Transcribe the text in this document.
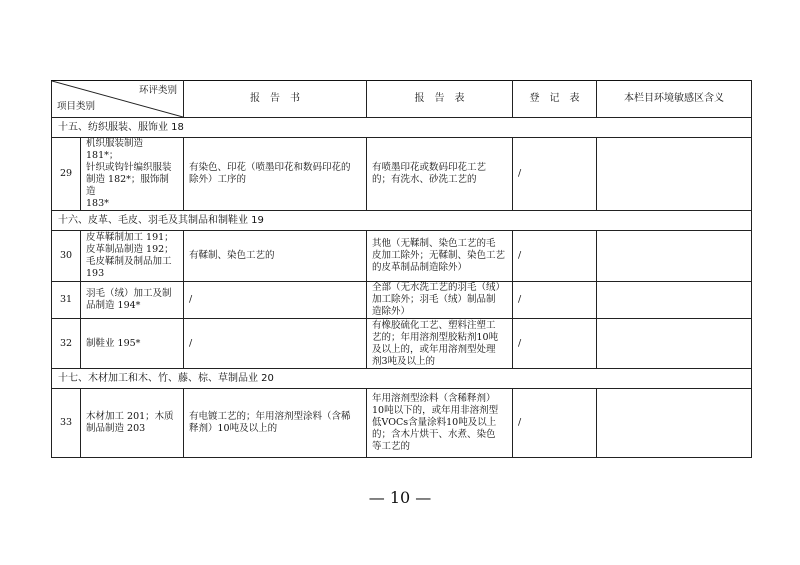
环评类别
项目类别		报　告　书	报　告　表	登　记　表	本栏目环境敏感区含义
十五、纺织服装、服饰业 18					
29	机织服装制造 181*；
针织或钩针编织服装
制造 182*；服饰制造
183*	有染色、印花（喷墨印花和数码印花的
除外）工序的	有喷墨印花或数码印花工艺
的；有洗水、砂洗工艺的	/	
十六、皮革、毛皮、羽毛及其制品和制鞋业 19					
30	皮革鞣制加工 191；
皮革制品制造 192；
毛皮鞣制及制品加工
193	有鞣制、染色工艺的	其他（无鞣制、染色工艺的毛
皮加工除外；无鞣制、染色工艺
的皮革制品制造除外）	/	
31	羽毛（绒）加工及制
品制造 194*	/	全部（无水洗工艺的羽毛（绒）
加工除外；羽毛（绒）制品制
造除外）	/	
32	制鞋业 195*	/	有橡胶硫化工艺、塑料注塑工
艺的；年用溶剂型胶粘剂10吨
及以上的，或年用溶剂型处理
剂3吨及以上的	/	
十七、木材加工和木、竹、藤、棕、草制品业 20					
33	木材加工 201；木质
制品制造 203	有电镀工艺的；年用溶剂型涂料（含稀
释剂）10吨及以上的	年用溶剂型涂料（含稀释剂）
10吨以下的，或年用非溶剂型
低VOCs含量涂料10吨及以上
的；含木片烘干、水煮、染色
等工艺的	/	
— 10 —
